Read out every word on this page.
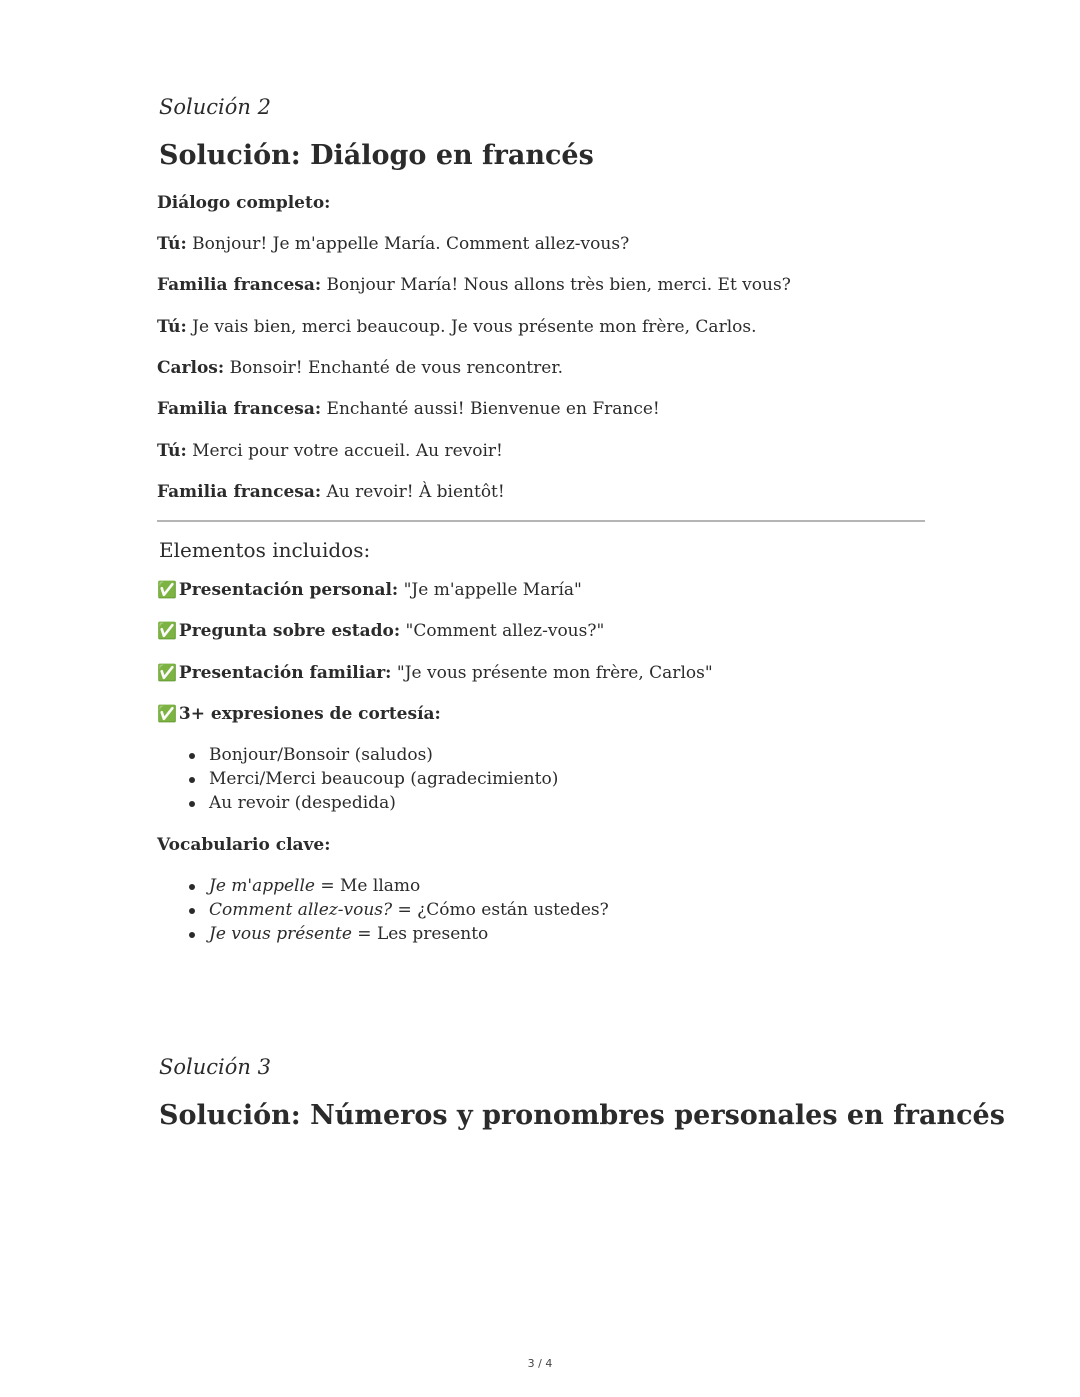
Solución 2
Solución: Diálogo en francés
Diálogo completo:
Tú: Bonjour! Je m'appelle María. Comment allez-vous?
Familia francesa: Bonjour María! Nous allons très bien, merci. Et vous?
Tú: Je vais bien, merci beaucoup. Je vous présente mon frère, Carlos.
Carlos: Bonsoir! Enchanté de vous rencontrer.
Familia francesa: Enchanté aussi! Bienvenue en France!
Tú: Merci pour votre accueil. Au revoir!
Familia francesa: Au revoir! À bientôt!
Elementos incluidos:
✅ Presentación personal: "Je m'appelle María"
✅ Pregunta sobre estado: "Comment allez-vous?"
✅ Presentación familiar: "Je vous présente mon frère, Carlos"
✅ 3+ expresiones de cortesía:
Bonjour/Bonsoir (saludos)
Merci/Merci beaucoup (agradecimiento)
Au revoir (despedida)
Vocabulario clave:
Je m'appelle = Me llamo
Comment allez-vous? = ¿Cómo están ustedes?
Je vous présente = Les presento
Solución 3
Solución: Números y pronombres personales en francés
3 / 4
